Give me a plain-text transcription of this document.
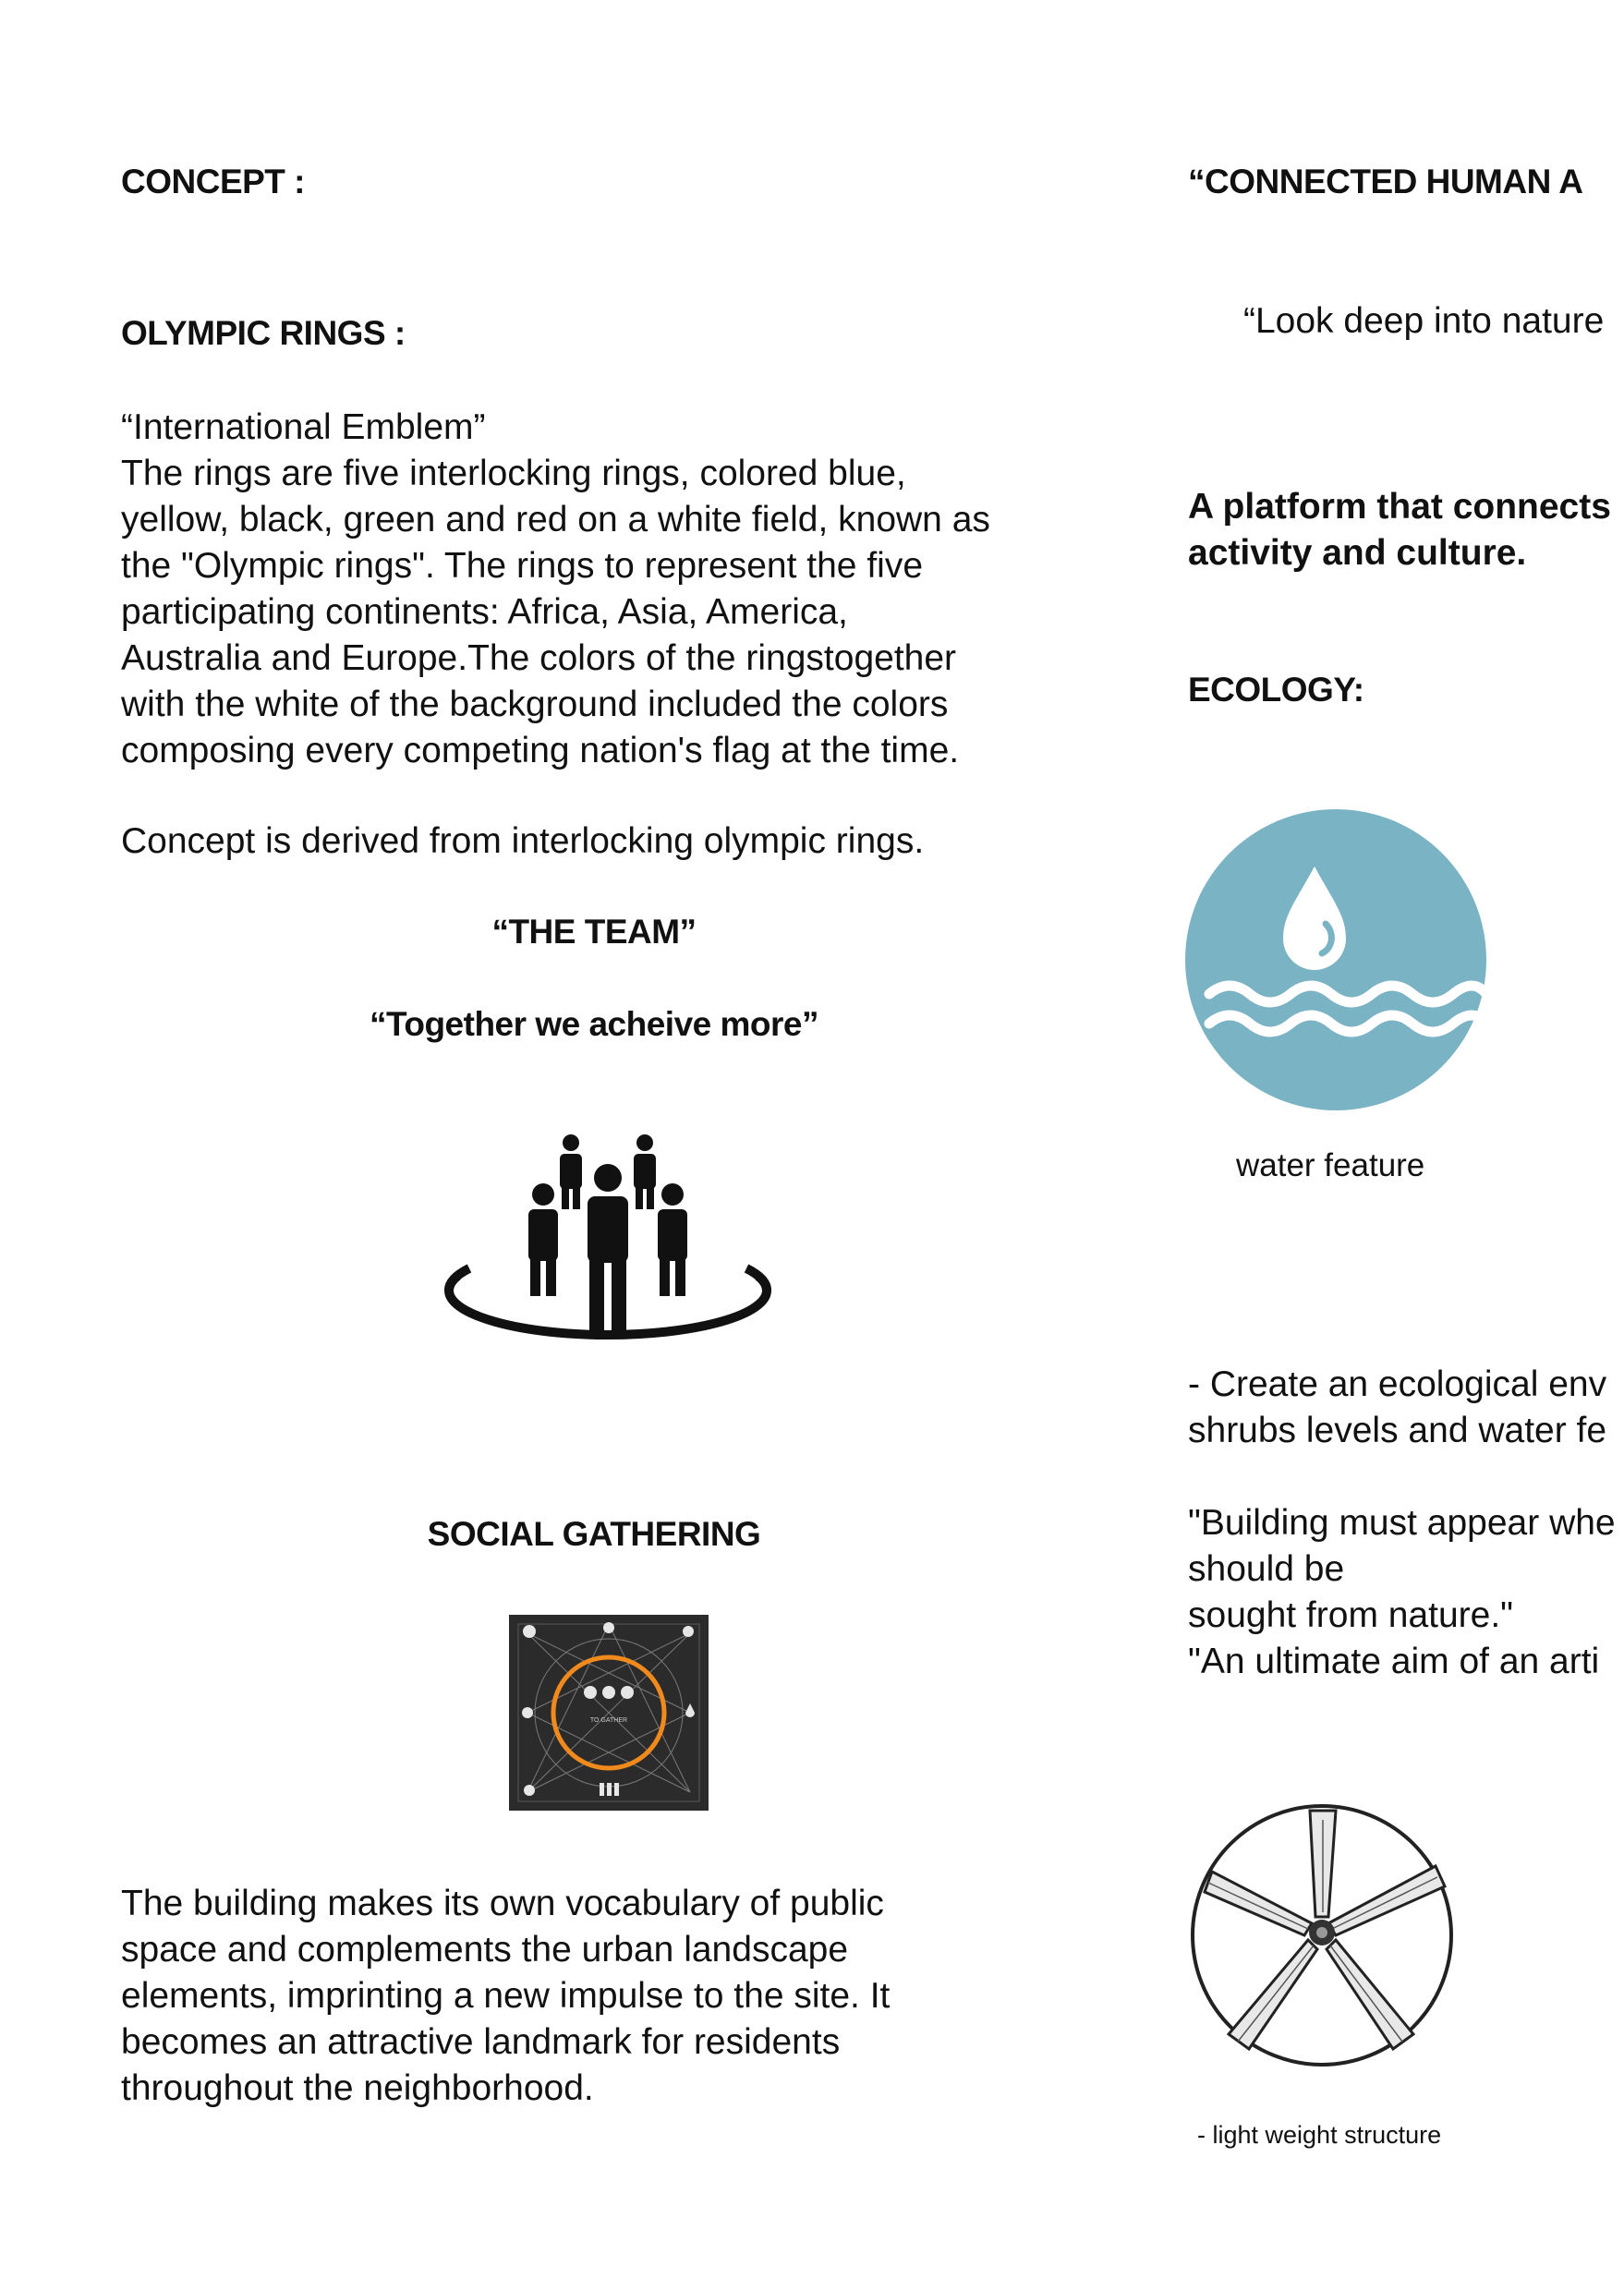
CONCEPT :

OLYMPIC RINGS :

“International Emblem”
The rings are five interlocking rings, colored blue,
yellow, black, green and red on a white field, known as
the "Olympic rings". The rings to represent the five
participating continents: Africa, Asia, America,
Australia and Europe.The colors of the ringstogether
with the white of the background included the colors
composing every competing nation's flag at the time.
Concept is derived from interlocking olympic rings.
“THE TEAM”
“Together we acheive more”
SOCIAL GATHERING
TO GATHER
The building makes its own vocabulary of public
space and complements the urban landscape
elements, imprinting a new impulse to the site. It
becomes an attractive landmark for residents
throughout the neighborhood.
“CONNECTED HUMAN A
“Look deep into nature
A platform that connects
activity and culture.
ECOLOGY:
water feature
- Create an ecological env
shrubs levels and water fe
"Building must appear whe
should be
sought from nature."
"An ultimate aim of an arti
- light weight structure
